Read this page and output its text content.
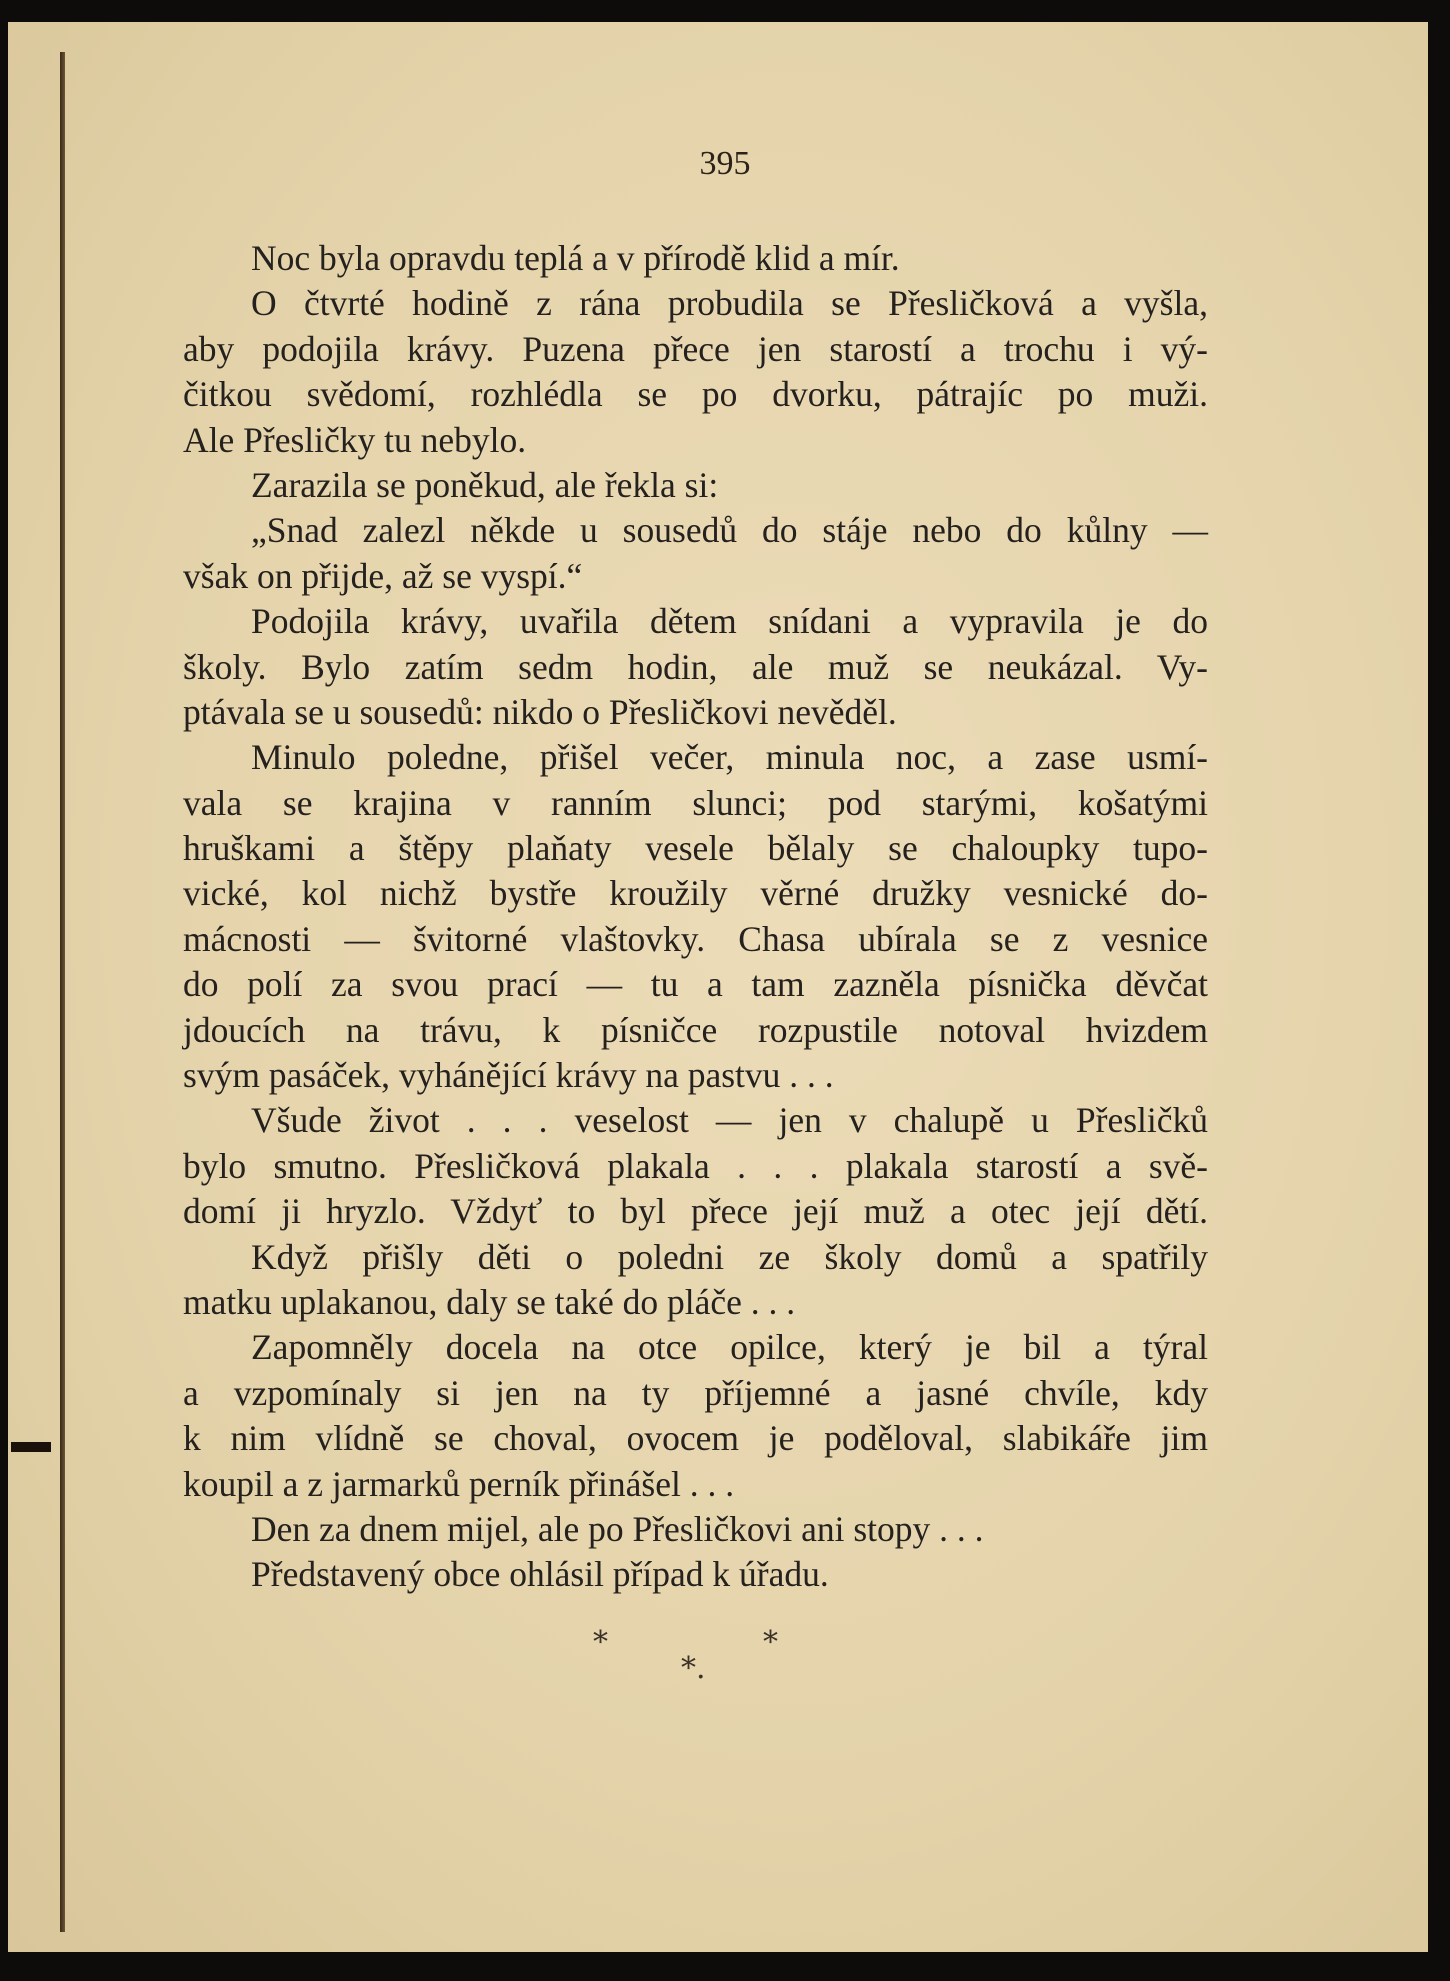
395
Noc byla opravdu teplá a v přírodě klid a mír.
O čtvrté hodině z rána probudila se Přesličková a vyšla,
aby podojila krávy. Puzena přece jen starostí a trochu i vý-
čitkou svědomí, rozhlédla se po dvorku, pátrajíc po muži.
Ale Přesličky tu nebylo.
Zarazila se poněkud, ale řekla si:
„Snad zalezl někde u sousedů do stáje nebo do kůlny —
však on přijde, až se vyspí.“
Podojila krávy, uvařila dětem snídani a vypravila je do
školy. Bylo zatím sedm hodin, ale muž se neukázal. Vy-
ptávala se u sousedů: nikdo o Přesličkovi nevěděl.
Minulo poledne, přišel večer, minula noc, a zase usmí-
vala se krajina v ranním slunci; pod starými, košatými
hruškami a štěpy plaňaty vesele bělaly se chaloupky tupo-
vické, kol nichž bystře kroužily věrné družky vesnické do-
mácnosti — švitorné vlaštovky. Chasa ubírala se z vesnice
do polí za svou prací — tu a tam zazněla písnička děvčat
jdoucích na trávu, k písničce rozpustile notoval hvizdem
svým pasáček, vyhánějící krávy na pastvu . . .
Všude život . . . veselost — jen v chalupě u Přesličků
bylo smutno. Přesličková plakala . . . plakala starostí a svě-
domí ji hryzlo. Vždyť to byl přece její muž a otec její dětí.
Když přišly děti o poledni ze školy domů a spatřily
matku uplakanou, daly se také do pláče . . .
Zapomněly docela na otce opilce, který je bil a týral
a vzpomínaly si jen na ty příjemné a jasné chvíle, kdy
k nim vlídně se choval, ovocem je poděloval, slabikáře jim
koupil a z jarmarků perník přinášel . . .
Den za dnem mijel, ale po Přesličkovi ani stopy . . .
Představený obce ohlásil případ k úřadu.
*	*
*.
